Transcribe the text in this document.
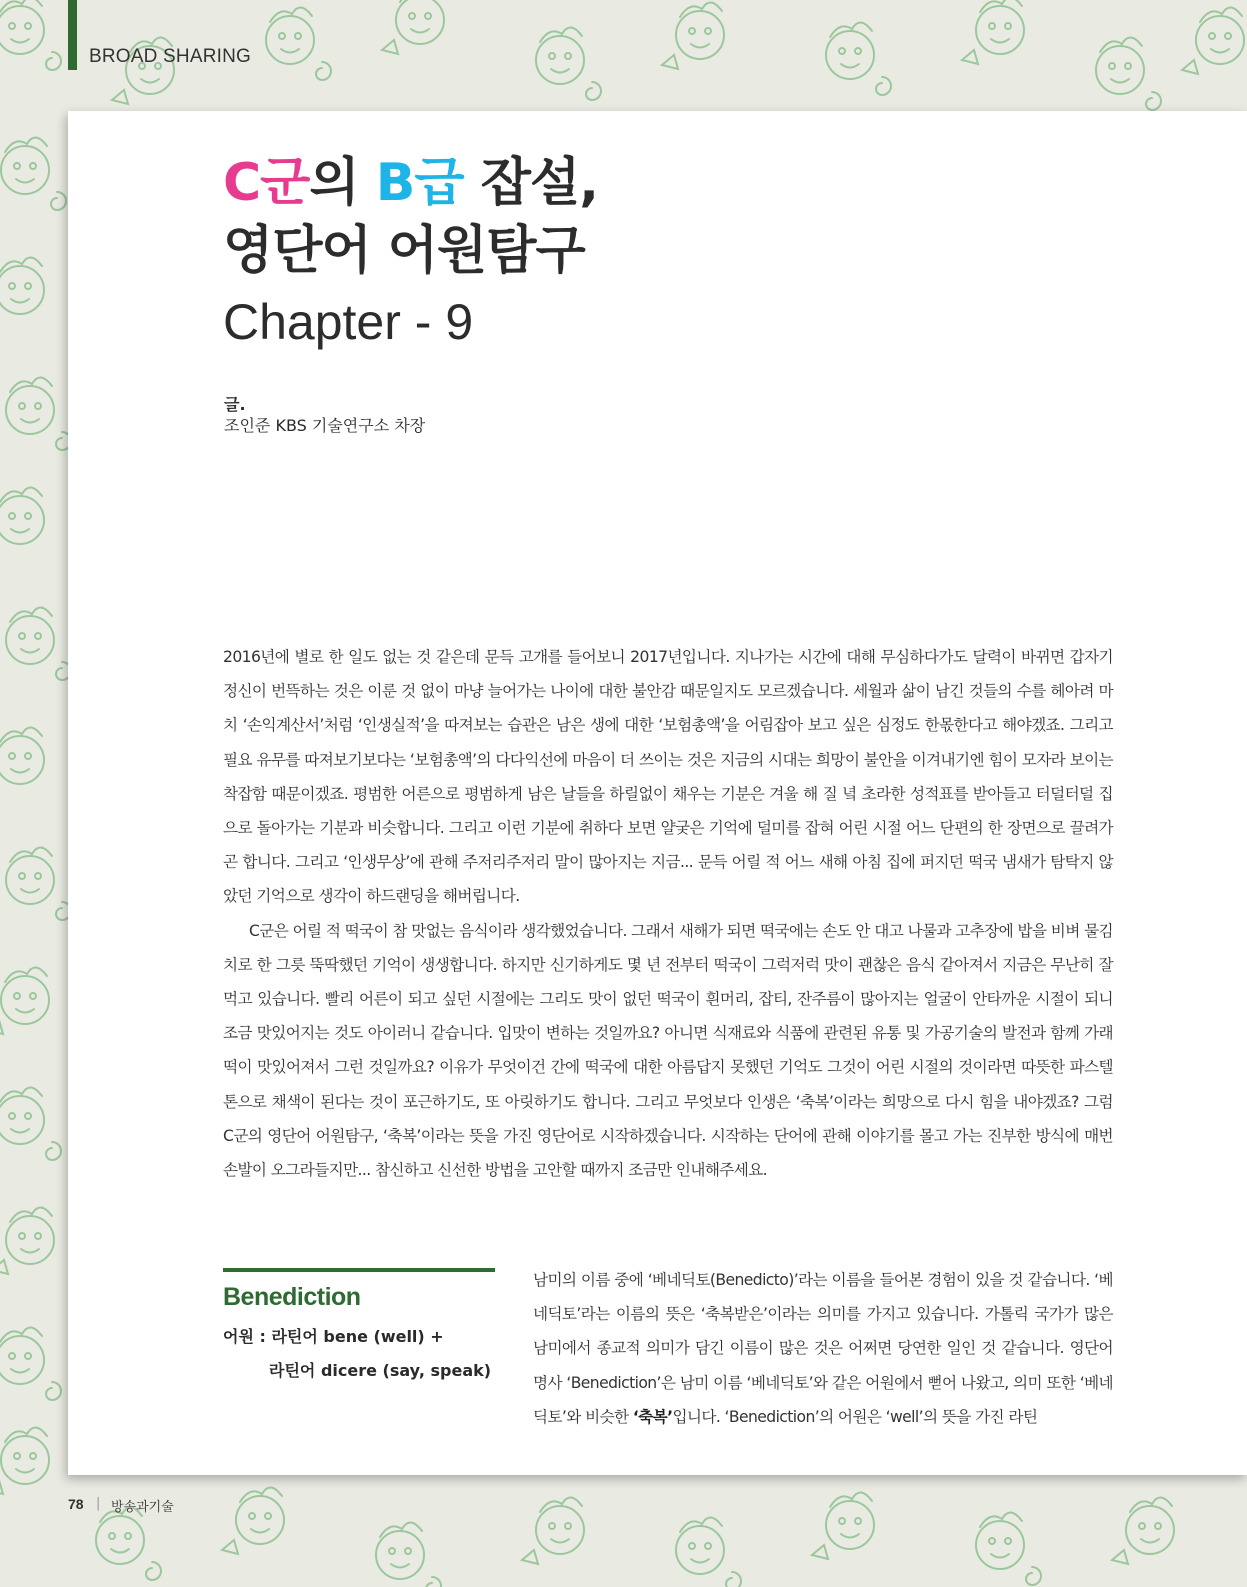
BROAD SHARING
C군의 B급 잡설,
영단어 어원탐구
Chapter - 9
글.
조인준 KBS 기술연구소 차장

2016년에 별로 한 일도 없는 것 같은데 문득 고개를 들어보니 2017년입니다. 지나가는 시간에 대해 무심하다가도 달력이 바뀌면 갑자기 정신이 번뜩하는 것은 이룬 것 없이 마냥 늘어가는 나이에 대한 불안감 때문일지도 모르겠습니다. 세월과 삶이 남긴 것들의 수를 헤아려 마치 ‘손익계산서’처럼 ‘인생실적’을 따져보는 습관은 남은 생에 대한 ‘보험총액’을 어림잡아 보고 싶은 심정도 한몫한다고 해야겠죠. 그리고 필요 유무를 따져보기보다는 ‘보험총액’의 다다익선에 마음이 더 쓰이는 것은 지금의 시대는 희망이 불안을 이겨내기엔 힘이 모자라 보이는 착잡함 때문이겠죠. 평범한 어른으로 평범하게 남은 날들을 하릴없이 채우는 기분은 겨울 해 질 녘 초라한 성적표를 받아들고 터덜터덜 집으로 돌아가는 기분과 비슷합니다. 그리고 이런 기분에 취하다 보면 얄궂은 기억에 덜미를 잡혀 어린 시절 어느 단편의 한 장면으로 끌려가곤 합니다. 그리고 ‘인생무상’에 관해 주저리주저리 말이 많아지는 지금... 문득 어릴 적 어느 새해 아침 집에 퍼지던 떡국 냄새가 탐탁지 않았던 기억으로 생각이 하드랜딩을 해버립니다.

C군은 어릴 적 떡국이 참 맛없는 음식이라 생각했었습니다. 그래서 새해가 되면 떡국에는 손도 안 대고 나물과 고추장에 밥을 비벼 물김치로 한 그릇 뚝딱했던 기억이 생생합니다. 하지만 신기하게도 몇 년 전부터 떡국이 그럭저럭 맛이 괜찮은 음식 같아져서 지금은 무난히 잘 먹고 있습니다. 빨리 어른이 되고 싶던 시절에는 그리도 맛이 없던 떡국이 흰머리, 잡티, 잔주름이 많아지는 얼굴이 안타까운 시절이 되니 조금 맛있어지는 것도 아이러니 같습니다. 입맛이 변하는 것일까요? 아니면 식재료와 식품에 관련된 유통 및 가공기술의 발전과 함께 가래떡이 맛있어져서 그런 것일까요? 이유가 무엇이건 간에 떡국에 대한 아름답지 못했던 기억도 그것이 어린 시절의 것이라면 따뜻한 파스텔톤으로 채색이 된다는 것이 포근하기도, 또 아릿하기도 합니다. 그리고 무엇보다 인생은 ‘축복’이라는 희망으로 다시 힘을 내야겠죠? 그럼 C군의 영단어 어원탐구, ‘축복’이라는 뜻을 가진 영단어로 시작하겠습니다. 시작하는 단어에 관해 이야기를 몰고 가는 진부한 방식에 매번 손발이 오그라들지만... 참신하고 신선한 방법을 고안할 때까지 조금만 인내해주세요.

Benediction
어원 : 라틴어 bene (well) +
라틴어 dicere (say, speak)

남미의 이름 중에 ‘베네딕토(Benedicto)’라는 이름을 들어본 경험이 있을 것 같습니다. ‘베네딕토’라는 이름의 뜻은 ‘축복받은’이라는 의미를 가지고 있습니다. 가톨릭 국가가 많은 남미에서 종교적 의미가 담긴 이름이 많은 것은 어쩌면 당연한 일인 것 같습니다. 영단어 명사 ‘Benediction’은 남미 이름 ‘베네딕토’와 같은 어원에서 뻗어 나왔고, 의미 또한 ‘베네딕토’와 비슷한 ‘축복’입니다. ‘Benediction’의 어원은 ‘well’의 뜻을 가진 라틴

78 | 방송과기술
